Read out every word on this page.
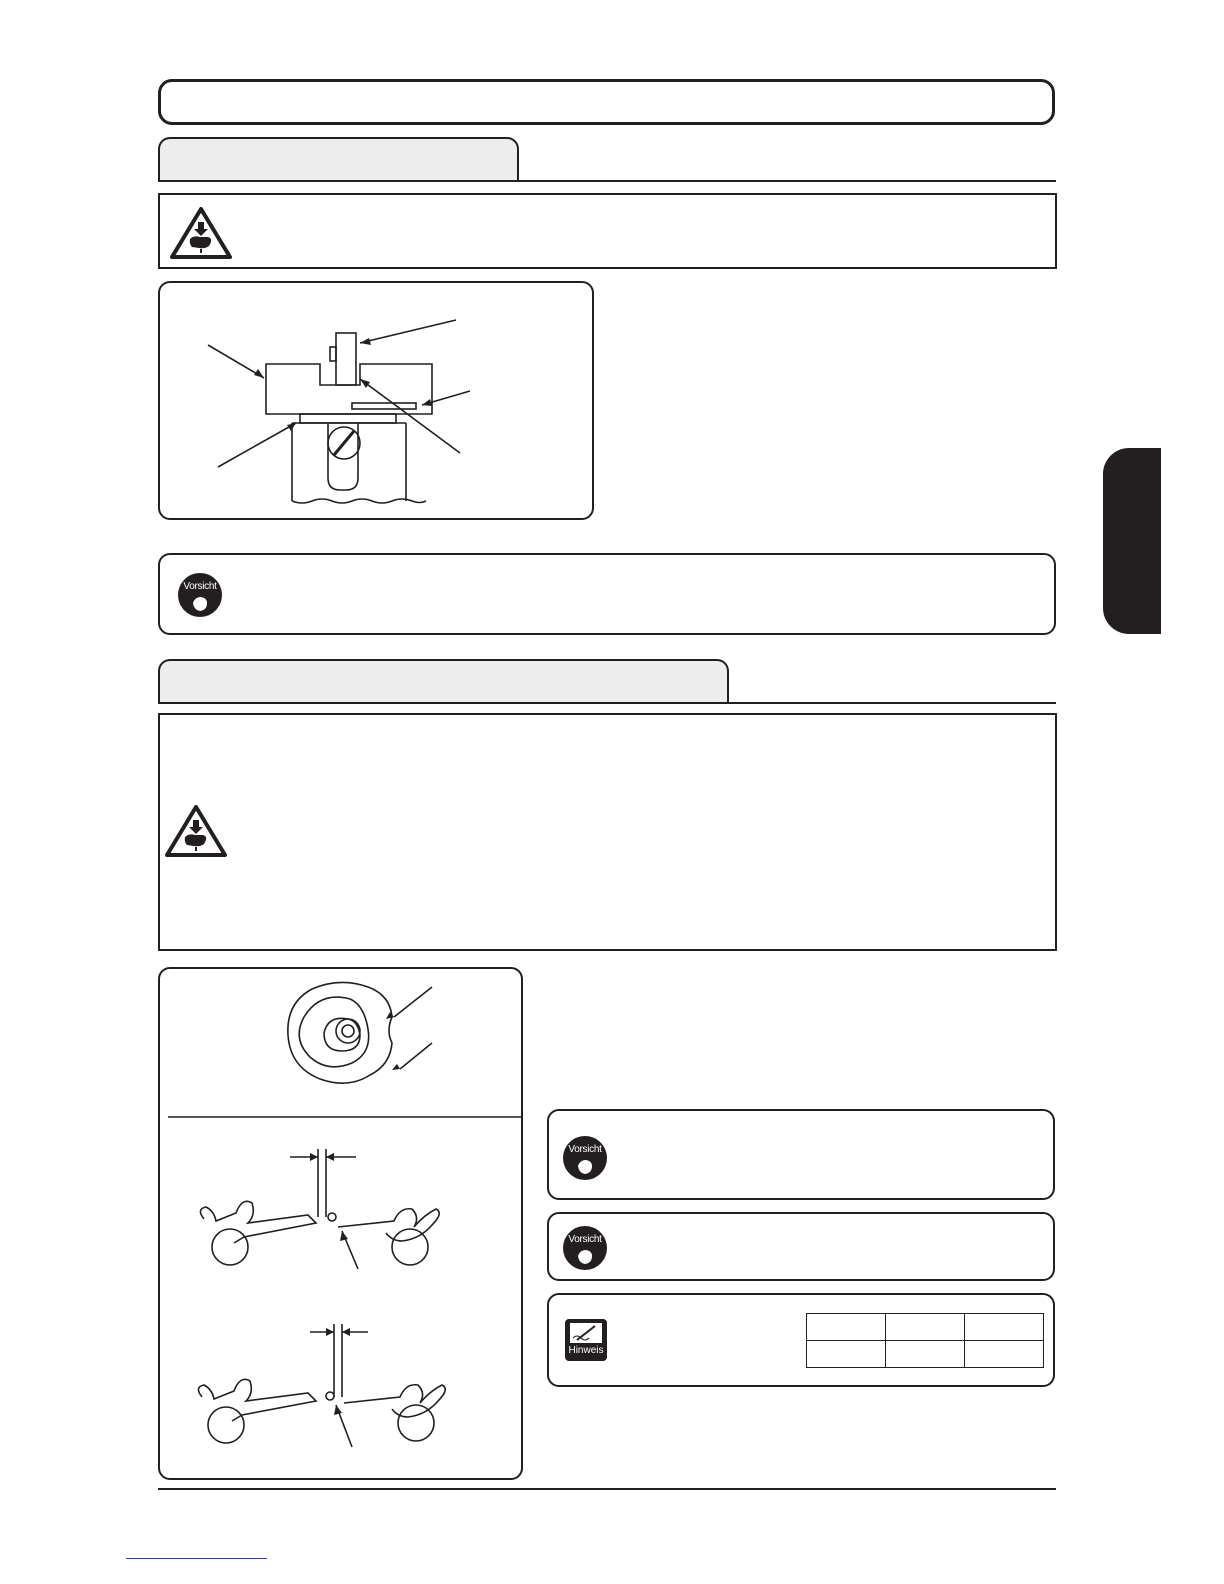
Vorsicht
Vorsicht
Vorsicht
Hinweis
